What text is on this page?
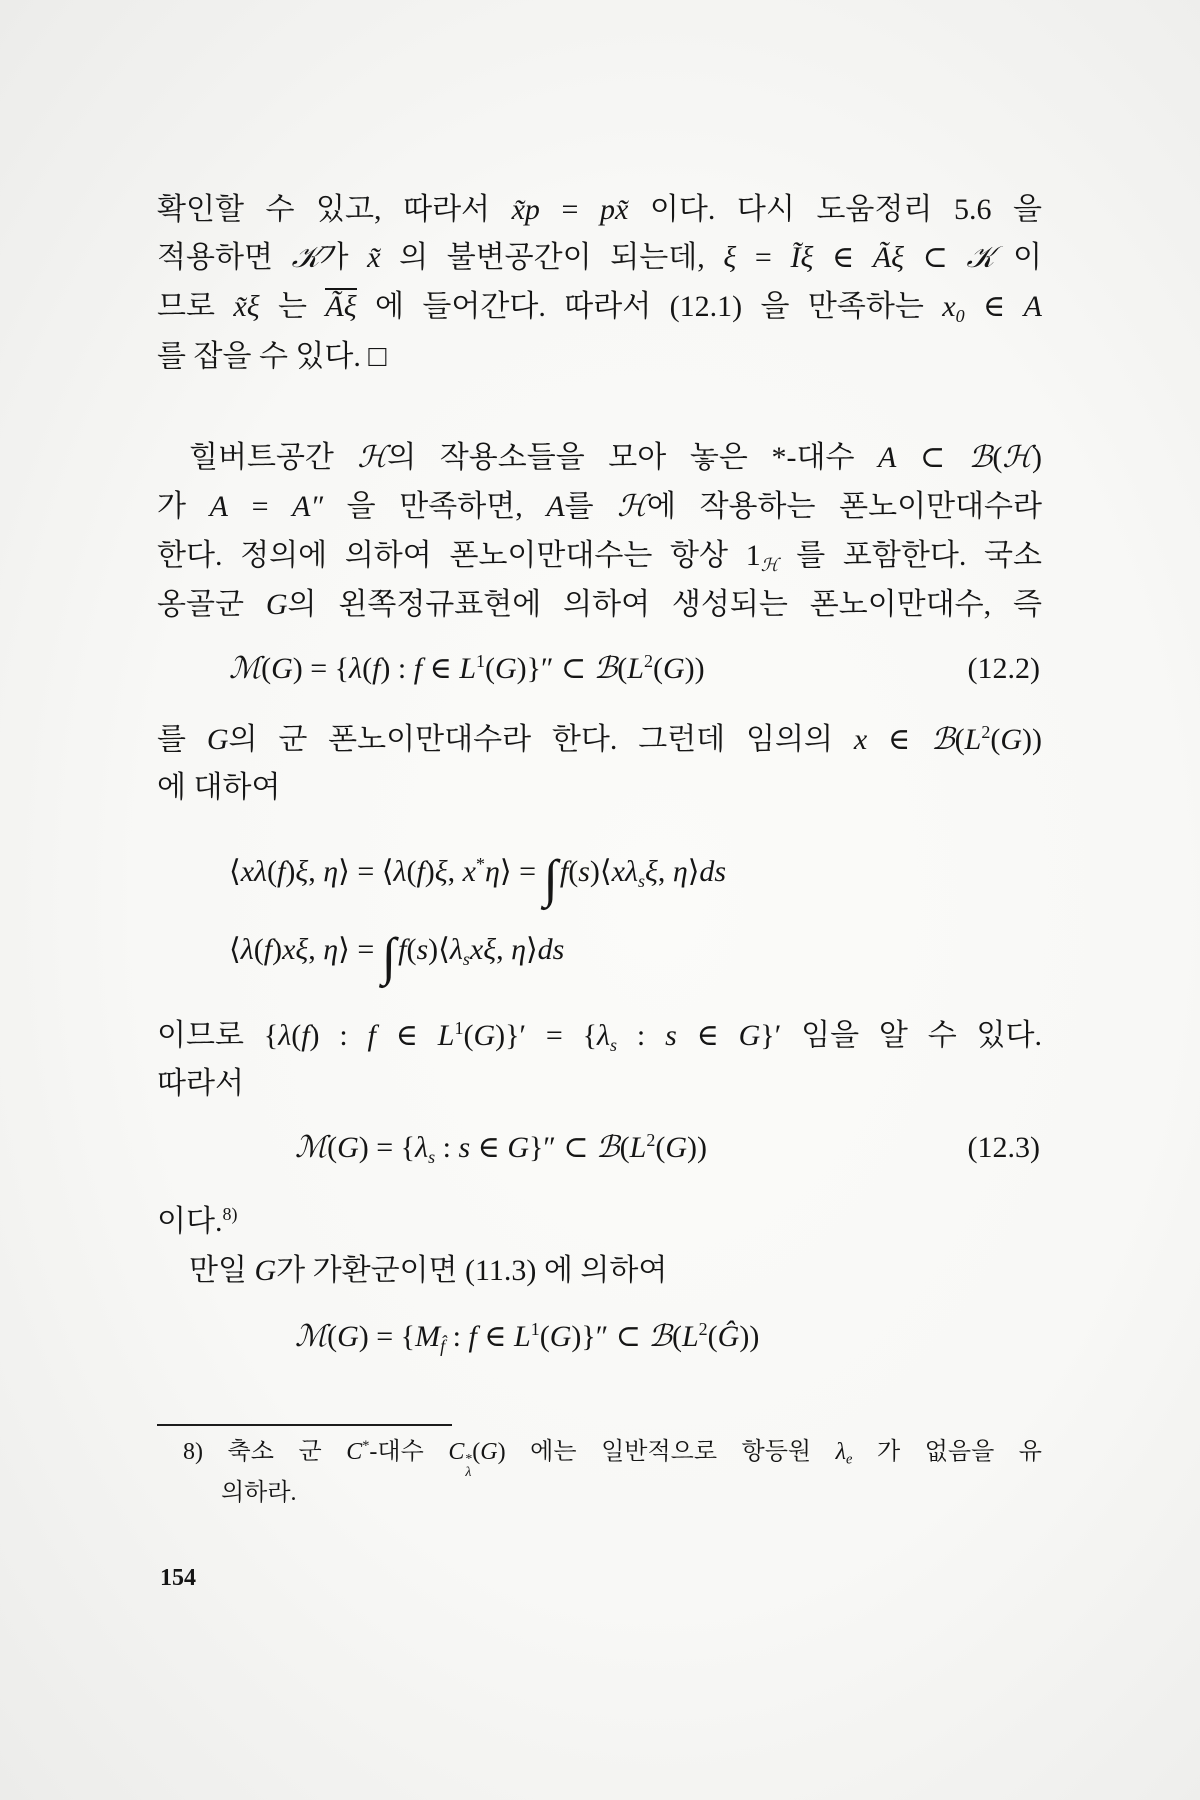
확인할 수 있고, 따라서 x̃p = px̃ 이다. 다시 도움정리 5.6 을
적용하면 𝒦가 x̃ 의 불변공간이 되는데, ξ = Ĩξ ∈ Ãξ ⊂ 𝒦 이
므로 x̃ξ 는 Ãξ 에 들어간다. 따라서 (12.1) 을 만족하는 x0 ∈ A
를 잡을 수 있다. □
힐버트공간 ℋ의 작용소들을 모아 놓은 *-대수 A ⊂ ℬ(ℋ)
가 A = A″ 을 만족하면, A를 ℋ에 작용하는 폰노이만대수라
한다. 정의에 의하여 폰노이만대수는 항상 1ℋ 를 포함한다. 국소
옹골군 G의 왼쪽정규표현에 의하여 생성되는 폰노이만대수, 즉
ℳ(G) = {λ(f) : f ∈ $L^1(G)\}''$ ⊂ $ℬ(L^2(G))$	(12.2)
를 G의 군 폰노이만대수라 한다. 그런데 임의의 x ∈ $ℬ(L^2(G))$
에 대하여
⟨xλ(f)ξ, η⟩ = ⟨λ(f)ξ, x*η⟩ = ∫f(s)⟨xλsξ, η⟩ds
⟨λ(f)xξ, η⟩ = ∫f(s)⟨λsxξ, η⟩ds
이므로 {λ(f) : f ∈ $L^1(G)\}' = \{\lambda s$ : s ∈ G}′ 임을 알 수 있다.
따라서
ℳ(G) = {λs : s ∈ G}″ ⊂ $ℬ(L^2(G))$	(12.3)
이다.$^{8)}$
만일 G가 가환군이면 (11.3) 에 의하여
ℳ(G) = {Mf̂ : f ∈ $L^1(G)\}''$ ⊂ $ℬ(L^2(Ĝ))$
8) 축소 군 C*-대수 C *
λ
(G) 에는 일반적으로 항등원 λe 가 없음을 유
의하라.
154
